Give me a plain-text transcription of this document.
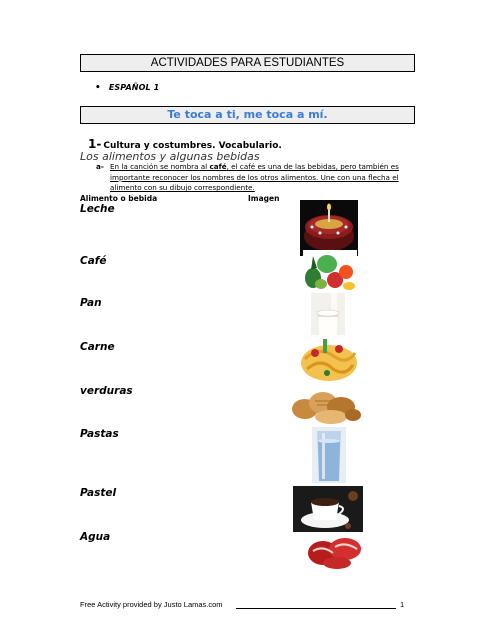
ACTIVIDADES PARA ESTUDIANTES
• ESPAÑOL 1
Te toca a ti, me toca a mí.
1- Cultura y costumbres. Vocabulario.
Los alimentos y algunas bebidas
a- En la canción se nombra al café, el café es una de las bebidas, pero también es importante reconocer los nombres de los otros alimentos. Une con una flecha el alimento con su dibujo correspondiente.
Alimento o bebida	Imagen
Leche
Café
Pan
Carne
verduras
Pastas
Pastel
Agua
Free Activity provided by Justo Lamas.com	1
